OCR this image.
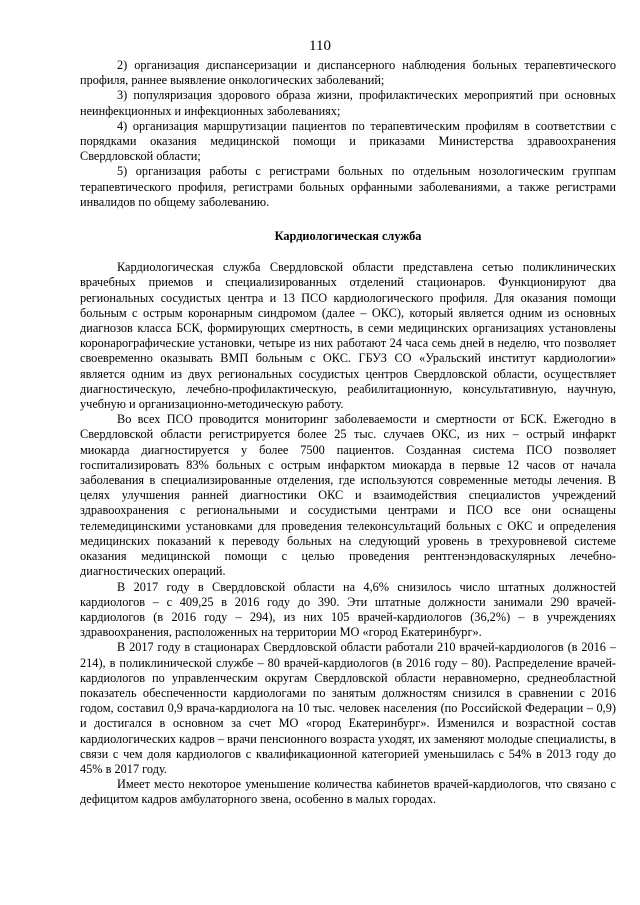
110

2) организация диспансеризации и диспансерного наблюдения больных терапевтического профиля, раннее выявление онкологических заболеваний;

3) популяризация здорового образа жизни, профилактических мероприятий при основных неинфекционных и инфекционных заболеваниях;

4) организация маршрутизации пациентов по терапевтическим профилям в соответствии с порядками оказания медицинской помощи и приказами Министерства здравоохранения Свердловской области;

5) организация работы с регистрами больных по отдельным нозологическим группам терапевтического профиля, регистрами больных орфанными заболеваниями, а также регистрами инвалидов по общему заболеванию.

Кардиологическая служба

Кардиологическая служба Свердловской области представлена сетью поликлинических врачебных приемов и специализированных отделений стационаров. Функционируют два региональных сосудистых центра и 13 ПСО кардиологического профиля. Для оказания помощи больным с острым коронарным синдромом (далее – ОКС), который является одним из основных диагнозов класса БСК, формирующих смертность, в семи медицинских организациях установлены коронарографические установки, четыре из них работают 24 часа семь дней в неделю, что позволяет своевременно оказывать ВМП больным с ОКС. ГБУЗ СО «Уральский институт кардиологии» является одним из двух региональных сосудистых центров Свердловской области, осуществляет диагностическую, лечебно-профилактическую, реабилитационную, консультативную, научную, учебную и организационно-методическую работу.

Во всех ПСО проводится мониторинг заболеваемости и смертности от БСК. Ежегодно в Свердловской области регистрируется более 25 тыс. случаев ОКС, из них – острый инфаркт миокарда диагностируется у более 7500 пациентов. Созданная система ПСО позволяет госпитализировать 83% больных с острым инфарктом миокарда в первые 12 часов от начала заболевания в специализированные отделения, где используются современные методы лечения. В целях улучшения ранней диагностики ОКС и взаимодействия специалистов учреждений здравоохранения с региональными и сосудистыми центрами и ПСО все они оснащены телемедицинскими установками для проведения телеконсультаций больных с ОКС и определения медицинских показаний к переводу больных на следующий уровень в трехуровневой системе оказания медицинской помощи с целью проведения рентгенэндоваскулярных лечебно-диагностических операций.

В 2017 году в Свердловской области на 4,6% снизилось число штатных должностей кардиологов – с 409,25 в 2016 году до 390. Эти штатные должности занимали 290 врачей-кардиологов (в 2016 году – 294), из них 105 врачей-кардиологов (36,2%) – в учреждениях здравоохранения, расположенных на территории МО «город Екатеринбург».

В 2017 году в стационарах Свердловской области работали 210 врачей-кардиологов (в 2016 – 214), в поликлинической службе – 80 врачей-кардиологов (в 2016 году – 80). Распределение врачей-кардиологов по управленческим округам Свердловской области неравномерно, среднеобластной показатель обеспеченности кардиологами по занятым должностям снизился в сравнении с 2016 годом, составил 0,9 врача-кардиолога на 10 тыс. человек населения (по Российской Федерации – 0,9) и достигался в основном за счет МО «город Екатеринбург». Изменился и возрастной состав кардиологических кадров – врачи пенсионного возраста уходят, их заменяют молодые специалисты, в связи с чем доля кардиологов с квалификационной категорией уменьшилась с 54% в 2013 году до 45% в 2017 году.

Имеет место некоторое уменьшение количества кабинетов врачей-кардиологов, что связано с дефицитом кадров амбулаторного звена, особенно в малых городах.
